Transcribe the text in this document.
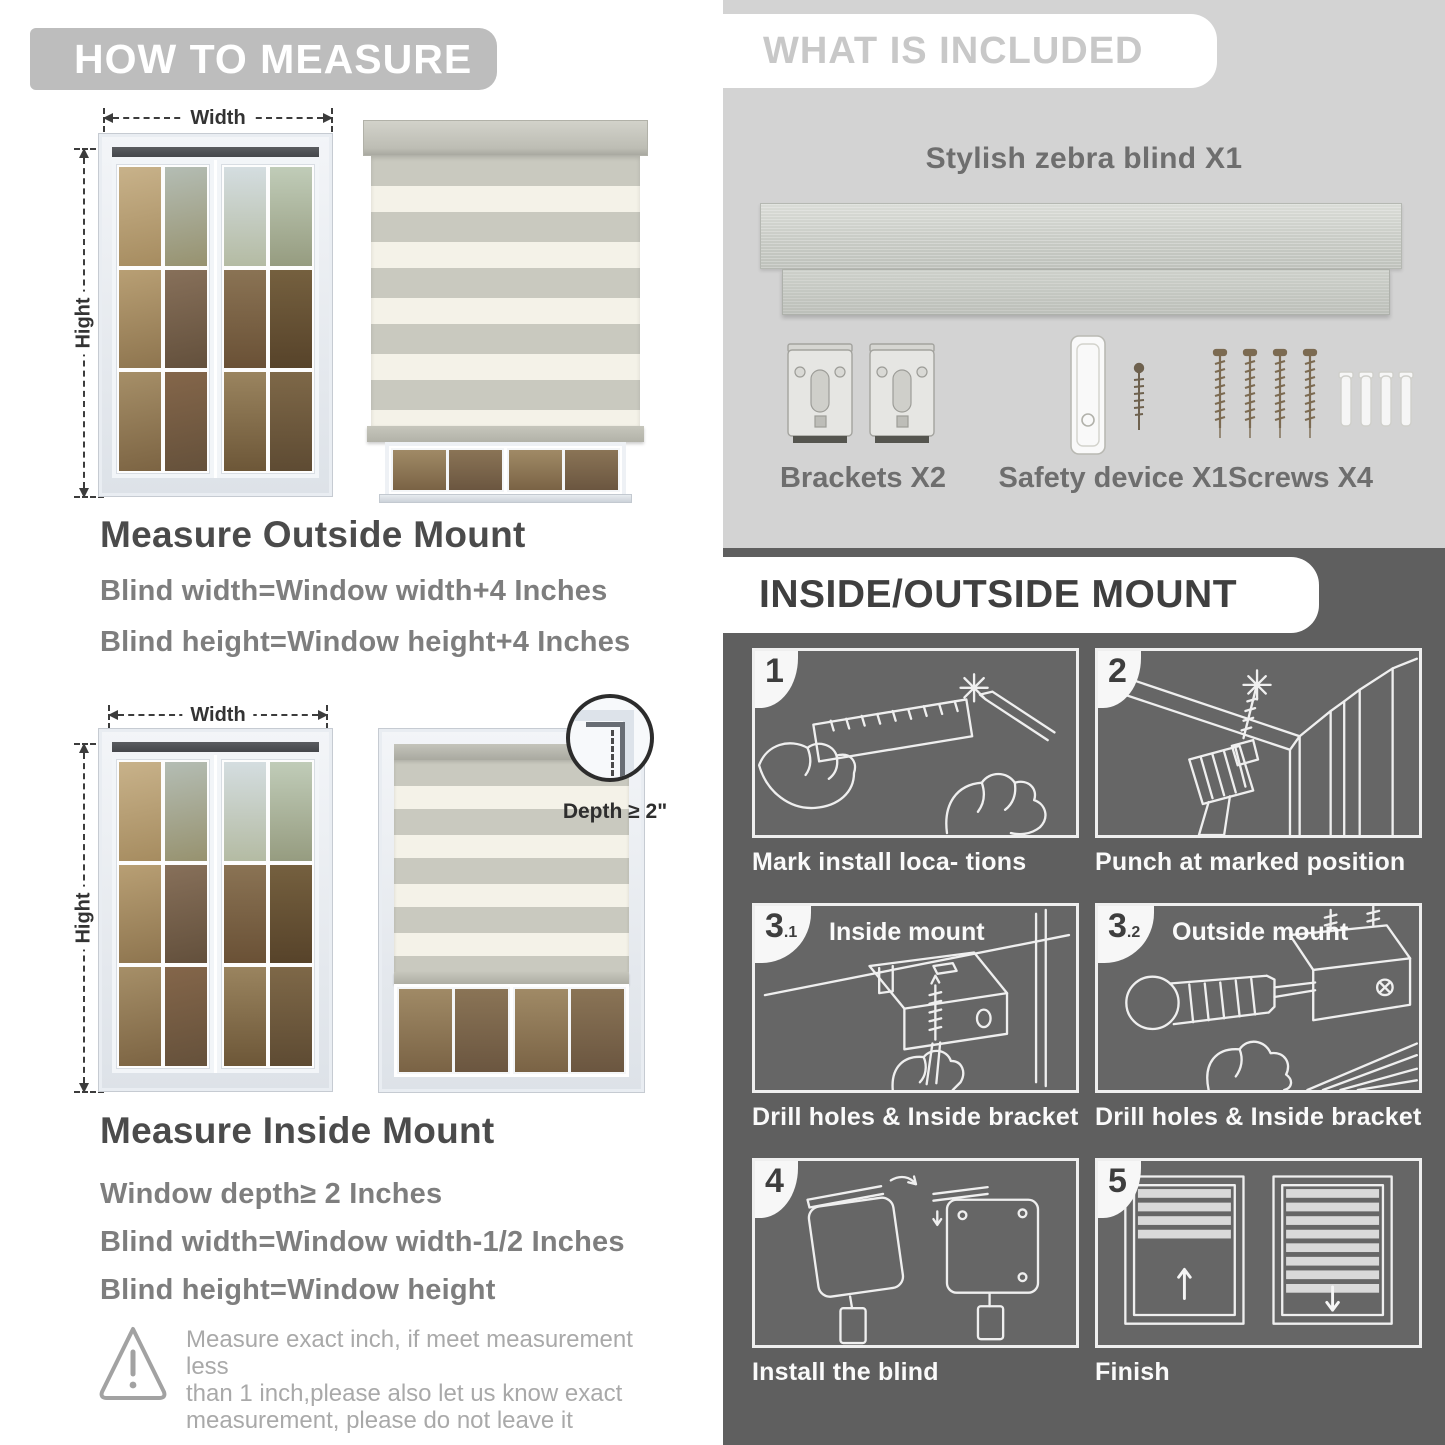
HOW TO MEASURE
Width
Hight
Measure Outside Mount
Blind width=Window width+4 Inches
Blind height=Window height+4 Inches
Width
Hight
Depth ≥ 2"
Measure Inside Mount
Window depth≥ 2 Inches
Blind width=Window width-1/2 Inches
Blind height=Window height
Measure exact inch, if meet measurement less
than 1 inch,please also let us know exact
measurement, please do not leave it
WHAT IS INCLUDED
Stylish zebra blind X1
Brackets X2	Safety device X1 Screws X4
INSIDE/OUTSIDE MOUNT
1
Mark install loca- tions
2
Punch at marked position
3 .1 Inside mount
Drill holes & Inside bracket
3 .2 Outside mount
Drill holes & Inside bracket
4
Install the blind
5
Finish
